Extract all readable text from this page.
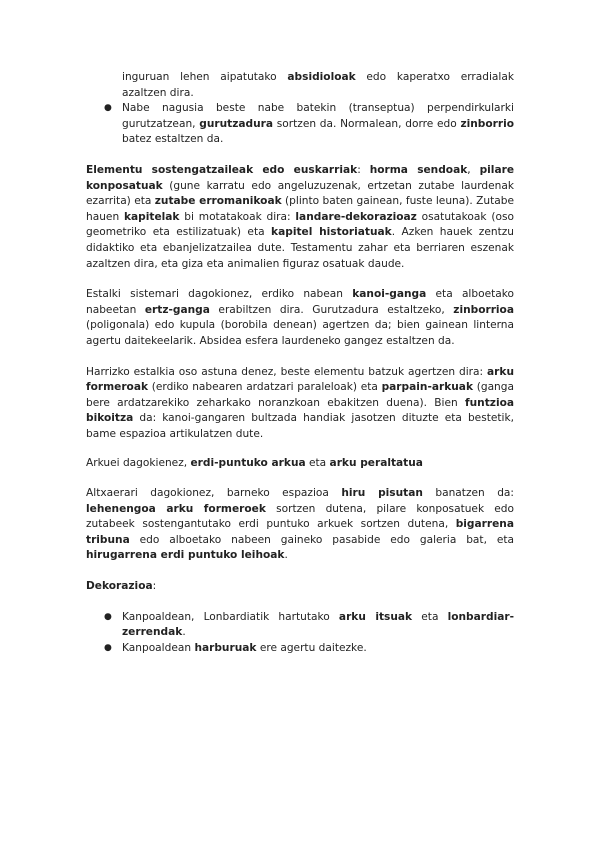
inguruan lehen aipatutako absidioloak edo kaperatxo erradialak azaltzen dira.
● Nabe nagusia beste nabe batekin (transeptua) perpendirkularki gurutzatzean, gurutzadura sortzen da. Normalean, dorre edo zinborrio batez estaltzen da.

Elementu sostengatzaileak edo euskarriak: horma sendoak, pilare konposatuak (gune karratu edo angeluzuzenak, ertzetan zutabe laurdenak ezarrita) eta zutabe erromanikoak (plinto baten gainean, fuste leuna). Zutabe hauen kapitelak bi motatakoak dira: landare-dekorazioaz osatutakoak (oso geometriko eta estilizatuak) eta kapitel historiatuak. Azken hauek zentzu didaktiko eta ebanjelizatzailea dute. Testamentu zahar eta berriaren eszenak azaltzen dira, eta giza eta animalien figuraz osatuak daude.

Estalki sistemari dagokionez, erdiko nabean kanoi-ganga eta alboetako nabeetan ertz-ganga erabiltzen dira. Gurutzadura estaltzeko, zinborrioa (poligonala) edo kupula (borobila denean) agertzen da; bien gainean linterna agertu daitekeelarik. Absidea esfera laurdeneko gangez estaltzen da.

Harrizko estalkia oso astuna denez, beste elementu batzuk agertzen dira: arku formeroak (erdiko nabearen ardatzari paraleloak) eta parpain-arkuak (ganga bere ardatzarekiko zeharkako noranzkoan ebakitzen duena). Bien funtzioa bikoitza da: kanoi-gangaren bultzada handiak jasotzen dituzte eta bestetik, bame espazioa artikulatzen dute.

Arkuei dagokienez, erdi-puntuko arkua eta arku peraltatua

Altxaerari dagokionez, barneko espazioa hiru pisutan banatzen da: lehenengoa arku formeroek sortzen dutena, pilare konposatuek edo zutabeek sostengantutako erdi puntuko arkuek sortzen dutena, bigarrena tribuna edo alboetako nabeen gaineko pasabide edo galeria bat, eta hirugarrena erdi puntuko leihoak.

Dekorazioa:

● Kanpoaldean, Lonbardiatik hartutako arku itsuak eta lonbardiar-zerrendak.
● Kanpoaldean harburuak ere agertu daitezke.
